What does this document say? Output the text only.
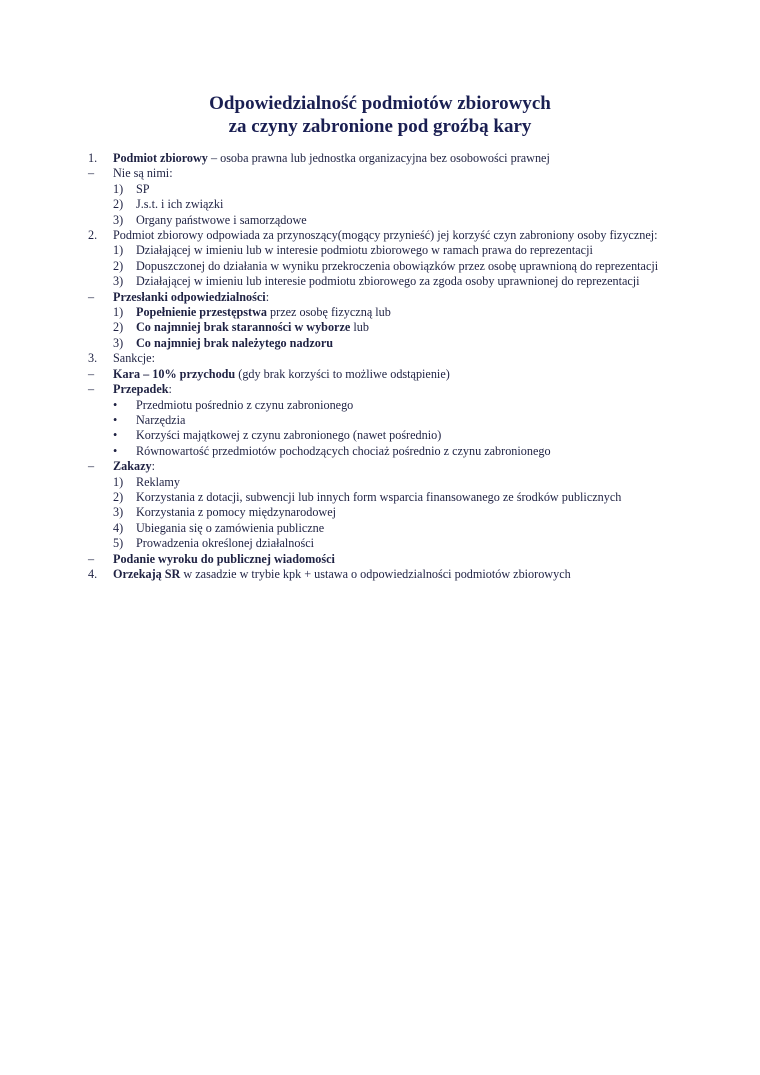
Odpowiedzialność podmiotów zbiorowych
za czyny zabronione pod groźbą kary
1.	Podmiot zbiorowy – osoba prawna lub jednostka organizacyjna bez osobowości prawnej
–	Nie są nimi:
1)	SP
2)	J.s.t. i ich związki
3)	Organy państwowe i samorządowe
2.	Podmiot zbiorowy odpowiada za przynoszący(mogący przynieść) jej korzyść czyn zabroniony osoby fizycznej:
1)	Działającej w imieniu lub w interesie podmiotu zbiorowego w ramach prawa do reprezentacji
2)	Dopuszczonej do działania w wyniku przekroczenia obowiązków przez osobę uprawnioną do reprezentacji
3)	Działającej w imieniu lub interesie podmiotu zbiorowego za zgoda osoby uprawnionej do reprezentacji
–	Przesłanki odpowiedzialności:
1)	Popełnienie przestępstwa przez osobę fizyczną lub
2)	Co najmniej brak staranności w wyborze lub
3)	Co najmniej brak należytego nadzoru
3.	Sankcje:
–	Kara – 10% przychodu (gdy brak korzyści to możliwe odstąpienie)
–	Przepadek:
•	Przedmiotu pośrednio z czynu zabronionego
•	Narzędzia
•	Korzyści majątkowej z czynu zabronionego (nawet pośrednio)
•	Równowartość przedmiotów pochodzących chociaż pośrednio z czynu zabronionego
–	Zakazy:
1)	Reklamy
2)	Korzystania z dotacji, subwencji lub innych form wsparcia finansowanego ze środków publicznych
3)	Korzystania z pomocy międzynarodowej
4)	Ubiegania się o zamówienia publiczne
5)	Prowadzenia określonej działalności
–	Podanie wyroku do publicznej wiadomości
4.	Orzekają SR w zasadzie w trybie kpk + ustawa o odpowiedzialności podmiotów zbiorowych
